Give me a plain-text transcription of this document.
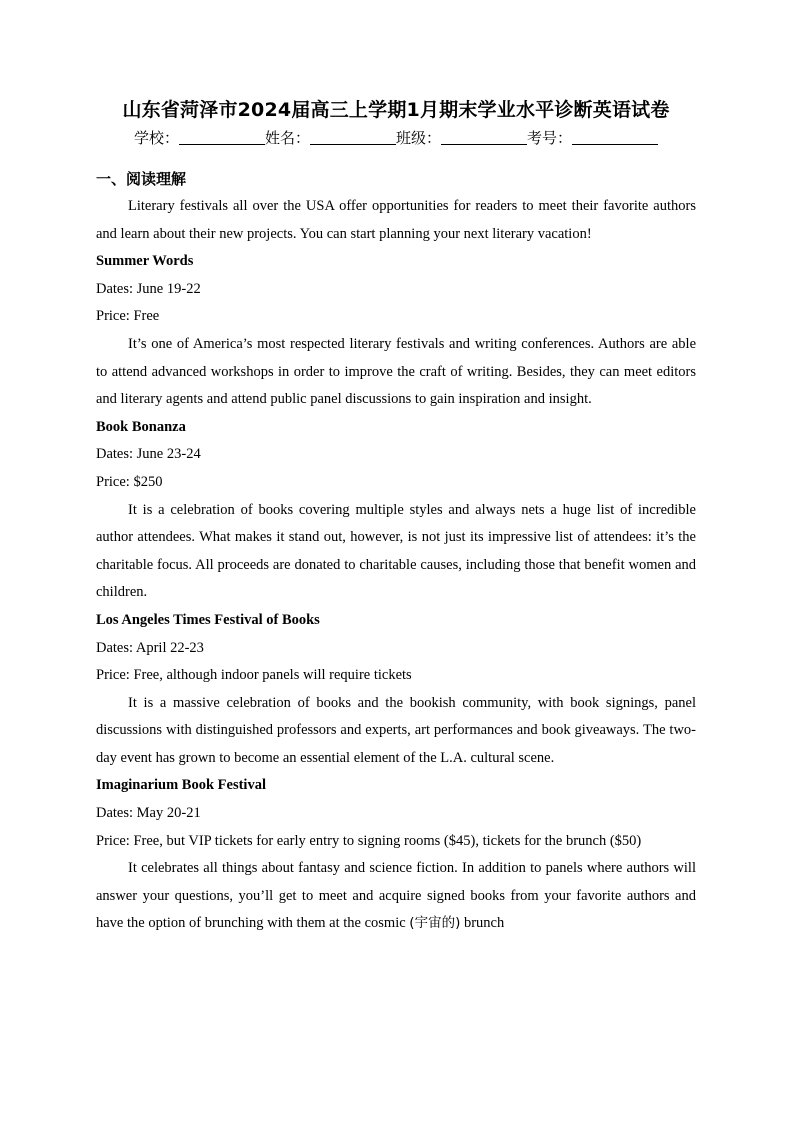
山东省菏泽市2024届高三上学期1月期末学业水平诊断英语试卷
学校：	姓名：	班级：	考号：
一、阅读理解

Literary festivals all over the USA offer opportunities for readers to meet their favorite authors and learn about their new projects. You can start planning your next literary vacation!

Summer Words

Dates: June 19-22

Price: Free

It’s one of America’s most respected literary festivals and writing conferences. Authors are able to attend advanced workshops in order to improve the craft of writing. Besides, they can meet editors and literary agents and attend public panel discussions to gain inspiration and insight.

Book Bonanza

Dates: June 23-24

Price: $250

It is a celebration of books covering multiple styles and always nets a huge list of incredible author attendees. What makes it stand out, however, is not just its impressive list of attendees: it’s the charitable focus. All proceeds are donated to charitable causes, including those that benefit women and children.

Los Angeles Times Festival of Books

Dates: April 22-23

Price: Free, although indoor panels will require tickets

It is a massive celebration of books and the bookish community, with book signings, panel discussions with distinguished professors and experts, art performances and book giveaways. The two-day event has grown to become an essential element of the L.A. cultural scene.

Imaginarium Book Festival

Dates: May 20-21

Price: Free, but VIP tickets for early entry to signing rooms ($45), tickets for the brunch ($50)

It celebrates all things about fantasy and science fiction. In addition to panels where authors will answer your questions, you’ll get to meet and acquire signed books from your favorite authors and have the option of brunching with them at the cosmic (宇宙的) brunch
